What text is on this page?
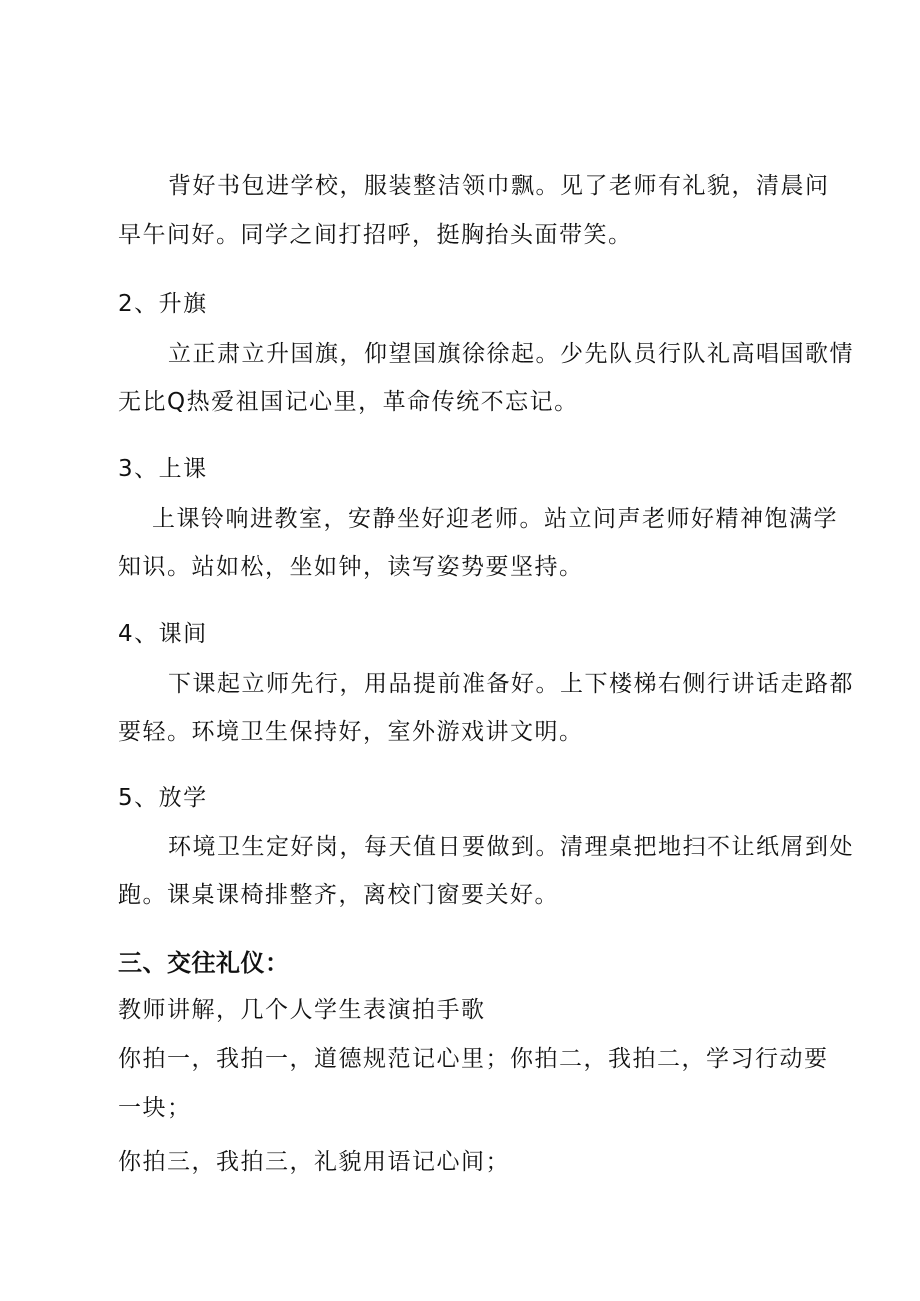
背好书包进学校，服装整洁领巾飘。见了老师有礼貌，清晨问
早午问好。同学之间打招呼，挺胸抬头面带笑。
2、升旗
立正肃立升国旗，仰望国旗徐徐起。少先队员行队礼高唱国歌情
无比Q热爱祖国记心里，革命传统不忘记。
3、上课
上课铃响进教室，安静坐好迎老师。站立问声老师好精神饱满学
知识。站如松，坐如钟，读写姿势要坚持。
4、课间
下课起立师先行，用品提前准备好。上下楼梯右侧行讲话走路都
要轻。环境卫生保持好，室外游戏讲文明。
5、放学
环境卫生定好岗，每天值日要做到。清理桌把地扫不让纸屑到处
跑。课桌课椅排整齐，离校门窗要关好。
三、交往礼仪：
教师讲解，几个人学生表演拍手歌
你拍一，我拍一，道德规范记心里；你拍二，我拍二，学习行动要
一块；
你拍三，我拍三，礼貌用语记心间；
